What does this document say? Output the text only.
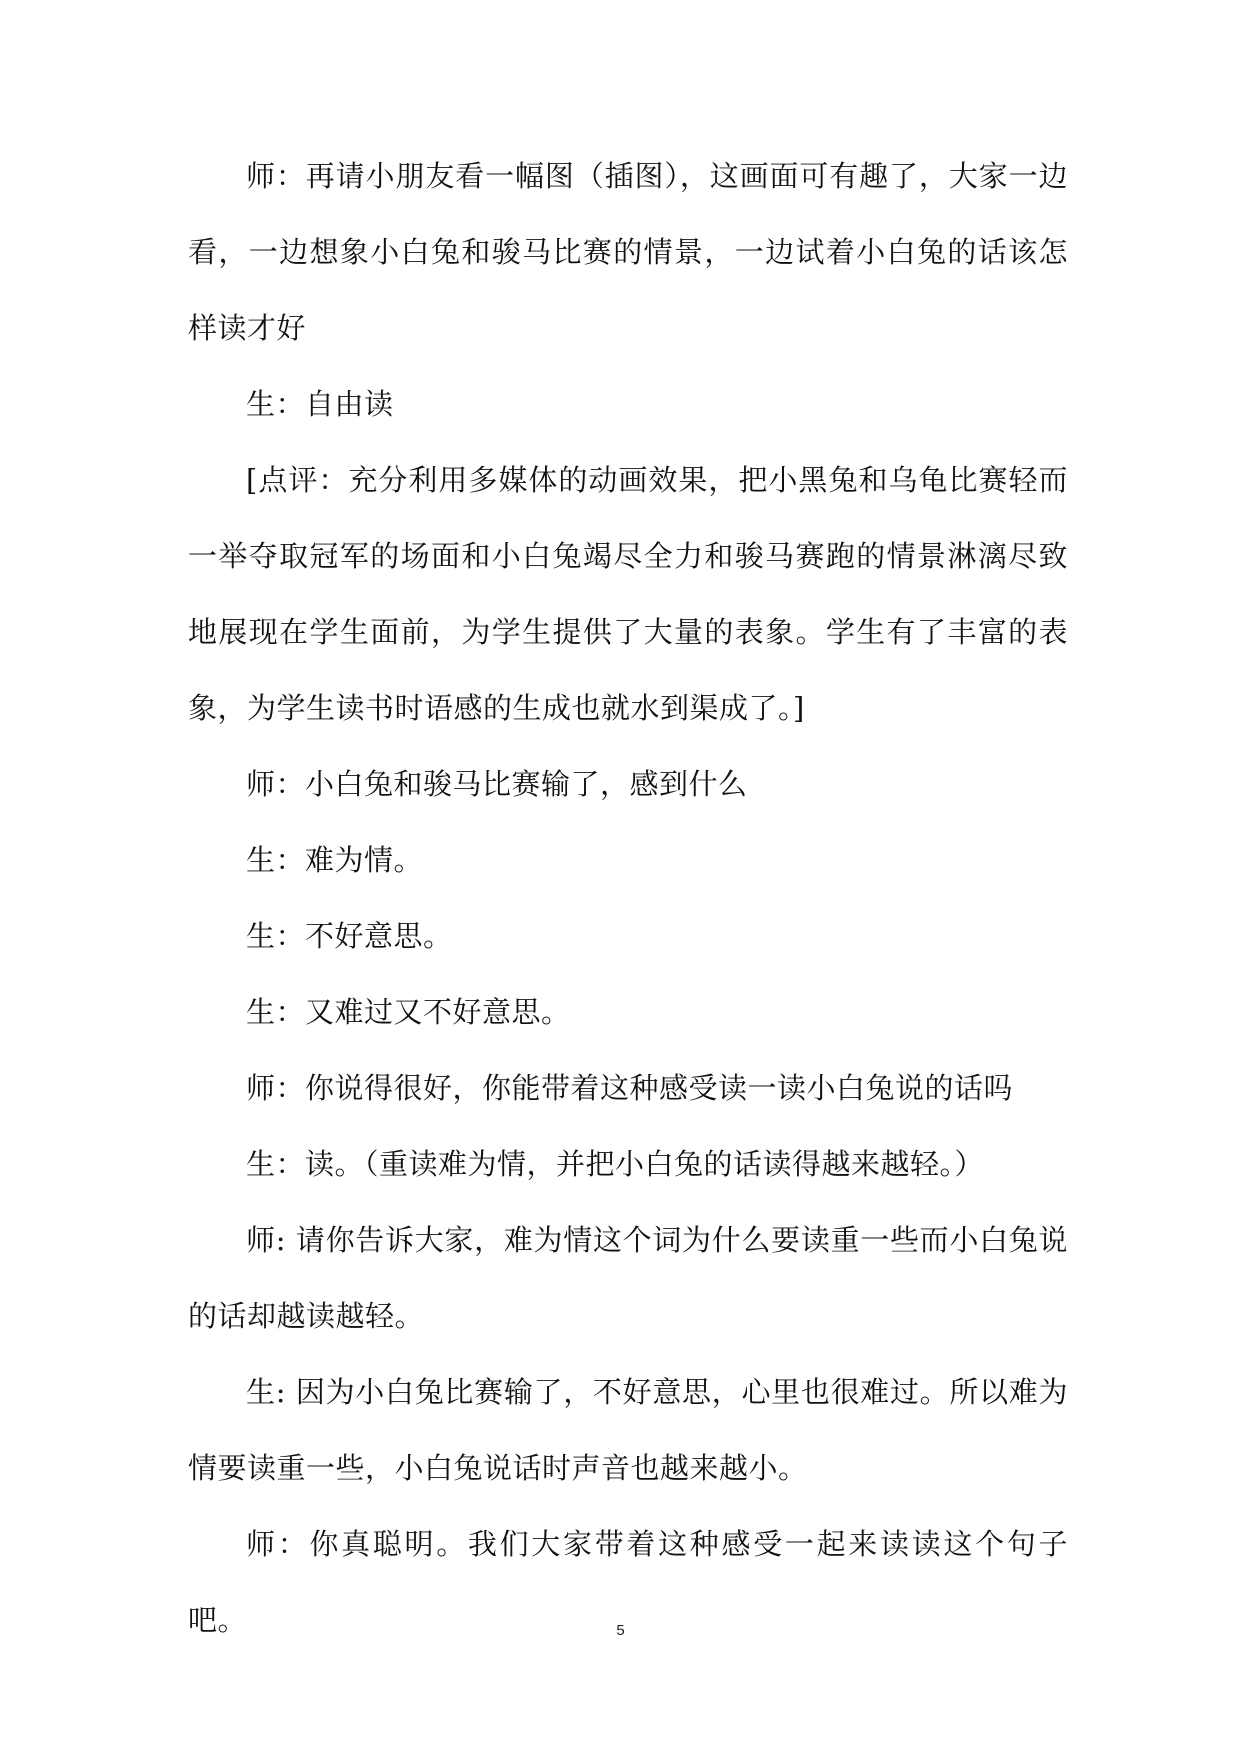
师：再请小朋友看一幅图（插图），这画面可有趣了，大家一边看，一边想象小白兔和骏马比赛的情景，一边试着小白兔的话该怎样读才好

生：自由读

[点评：充分利用多媒体的动画效果，把小黑兔和乌龟比赛轻而一举夺取冠军的场面和小白兔竭尽全力和骏马赛跑的情景淋漓尽致地展现在学生面前，为学生提供了大量的表象。学生有了丰富的表象，为学生读书时语感的生成也就水到渠成了。]

师：小白兔和骏马比赛输了，感到什么

生：难为情。

生：不好意思。

生：又难过又不好意思。

师：你说得很好，你能带着这种感受读一读小白兔说的话吗

生：读。（重读难为情，并把小白兔的话读得越来越轻。）

师: 请你告诉大家，难为情这个词为什么要读重一些而小白兔说的话却越读越轻。

生: 因为小白兔比赛输了，不好意思，心里也很难过。所以难为情要读重一些，小白兔说话时声音也越来越小。

师：你真聪明。我们大家带着这种感受一起来读读这个句子吧。	5
